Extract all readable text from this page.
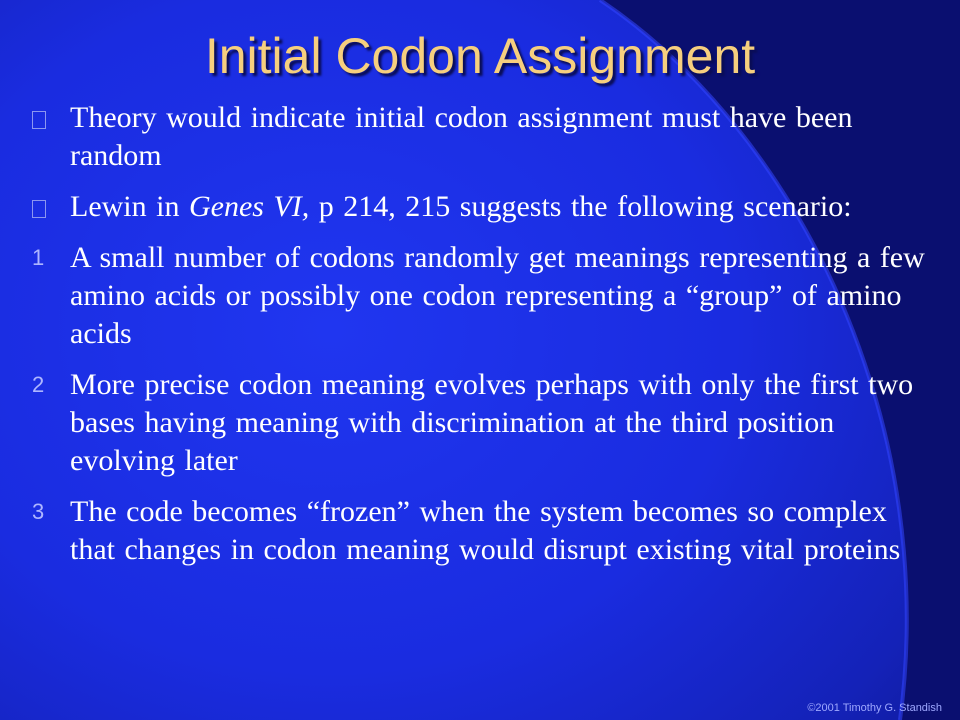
Initial Codon Assignment
Theory would indicate initial codon assignment must have been random
Lewin in Genes VI, p 214, 215 suggests the following scenario:
1 A small number of codons randomly get meanings representing a few amino acids or possibly one codon representing a “group” of amino acids
2 More precise codon meaning evolves perhaps with only the first two bases having meaning with discrimination at the third position evolving later
3 The code becomes “frozen” when the system becomes so complex that changes in codon meaning would disrupt existing vital proteins
©2001 Timothy G. Standish
